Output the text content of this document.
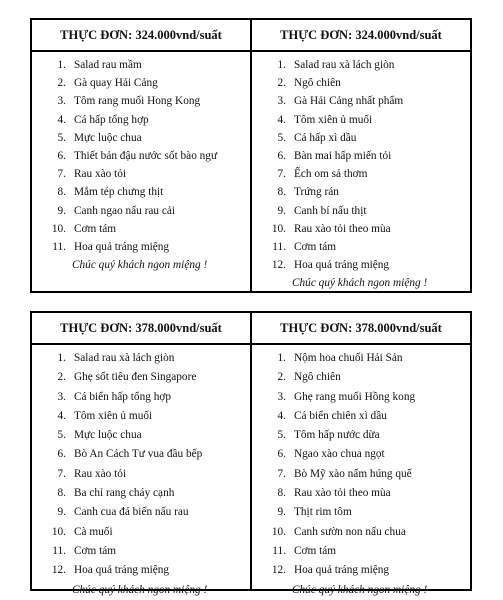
THỰC ĐƠN: 324.000vnd/suất
1. Salad rau mầm
2. Gà quay Hải Cảng
3. Tôm rang muối Hong Kong
4. Cá hấp tổng hợp
5. Mực luộc chua
6. Thiết bản đậu nước sốt bào ngư
7. Rau xào tỏi
8. Mắm tép chưng thịt
9. Canh ngao nấu rau cải
10. Cơm tám
11. Hoa quả tráng miệng
Chúc quý khách ngon miệng !
THỰC ĐƠN: 324.000vnd/suất
1. Salad rau xà lách giòn
2. Ngô chiên
3. Gà Hải Cảng nhất phẩm
4. Tôm xiên ủ muối
5. Cá hấp xì dầu
6. Bàn mai hấp miến tỏi
7. Ếch om sả thơm
8. Trứng rán
9. Canh bí nấu thịt
10. Rau xào tỏi theo mùa
11. Cơm tám
12. Hoa quả tráng miệng
Chúc quý khách ngon miệng !
THỰC ĐƠN: 378.000vnd/suất
1. Salad rau xà lách giòn
2. Ghẹ sốt tiêu đen Singapore
3. Cá biển hấp tổng hợp
4. Tôm xiên ủ muối
5. Mực luộc chua
6. Bò An Cách Tư vua đầu bếp
7. Rau xào tỏi
8. Ba chỉ rang cháy cạnh
9. Canh cua đá biển nấu rau
10. Cà muối
11. Cơm tám
12. Hoa quả tráng miệng
Chúc quý khách ngon miệng !
THỰC ĐƠN: 378.000vnd/suất
1. Nộm hoa chuối Hải Sản
2. Ngô chiên
3. Ghẹ rang muối Hồng kong
4. Cá biển chiên xì dầu
5. Tôm hấp nước dừa
6. Ngao xào chua ngọt
7. Bò Mỹ xào nấm húng quế
8. Rau xào tỏi theo mùa
9. Thịt rim tôm
10. Canh sườn non nấu chua
11. Cơm tám
12. Hoa quả tráng miệng
Chúc quý khách ngon miệng !
